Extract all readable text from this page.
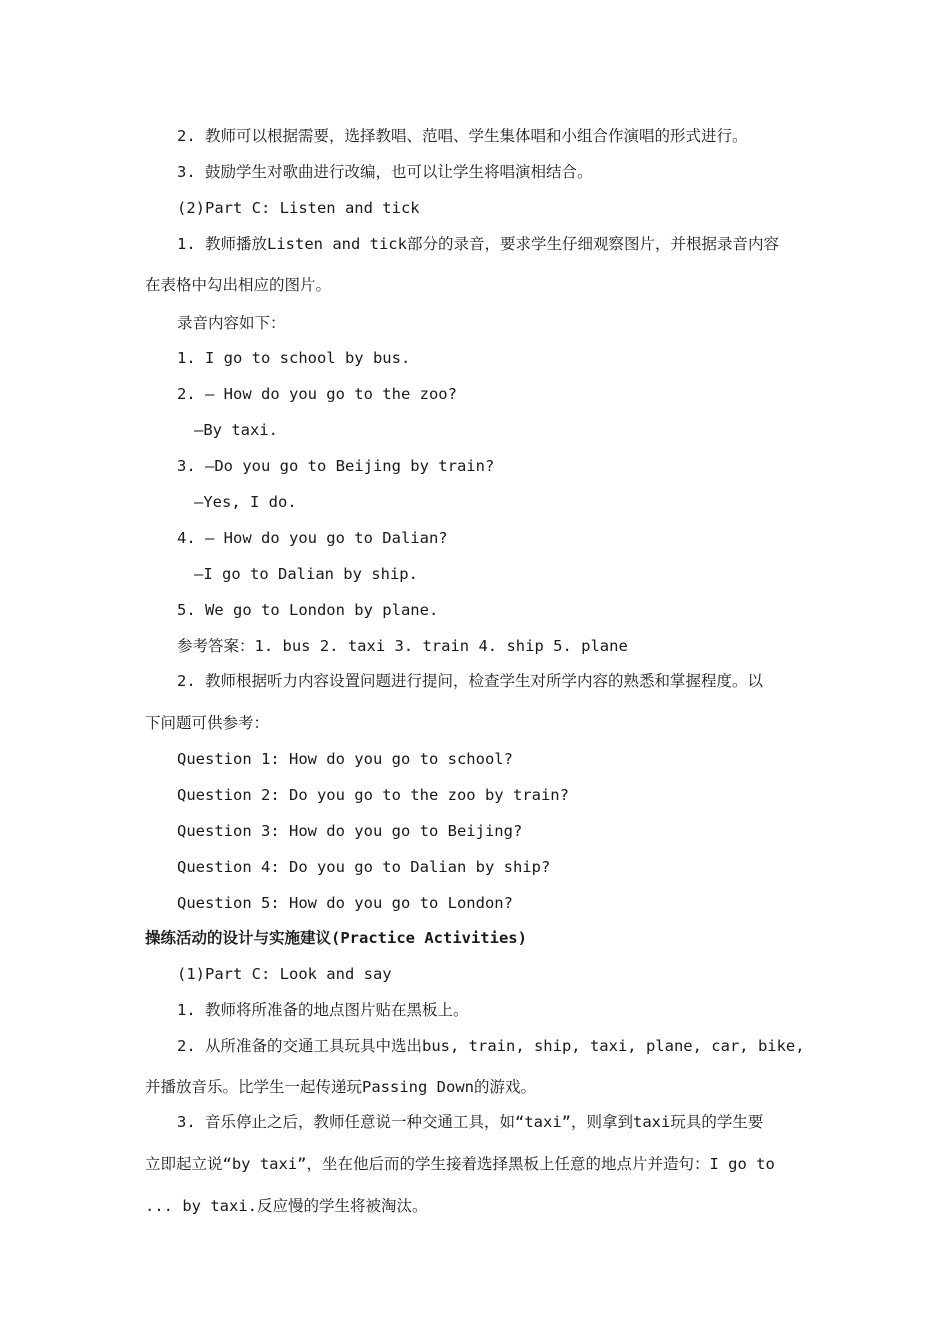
2. 教师可以根据需要，选择教唱、范唱、学生集体唱和小组合作演唱的形式进行。
3. 鼓励学生对歌曲进行改编，也可以让学生将唱演相结合。
(2)Part C: Listen and tick
1. 教师播放Listen and tick部分的录音，要求学生仔细观察图片，并根据录音内容
在表格中勾出相应的图片。
录音内容如下：
1. I go to school by bus.
2. — How do you go to the zoo?
—By taxi.
3. —Do you go to Beijing by train?
—Yes, I do.
4. — How do you go to Dalian?
—I go to Dalian by ship.
5. We go to London by plane.
参考答案：1. bus 2. taxi 3. train 4. ship 5. plane
2. 教师根据听力内容设置问题进行提问，检查学生对所学内容的熟悉和掌握程度。以
下问题可供参考：
Question 1: How do you go to school?
Question 2: Do you go to the zoo by train?
Question 3: How do you go to Beijing?
Question 4: Do you go to Dalian by ship?
Question 5: How do you go to London?
操练活动的设计与实施建议(Practice Activities)
(1)Part C: Look and say
1. 教师将所准备的地点图片贴在黑板上。
2. 从所准备的交通工具玩具中选出bus, train, ship, taxi, plane, car, bike,
并播放音乐。比学生一起传递玩Passing Down的游戏。
3. 音乐停止之后，教师任意说一种交通工具，如“taxi”，则拿到taxi玩具的学生要
立即起立说“by taxi”，坐在他后而的学生接着选择黑板上任意的地点片并造句：I go to
... by taxi.反应慢的学生将被淘汰。
